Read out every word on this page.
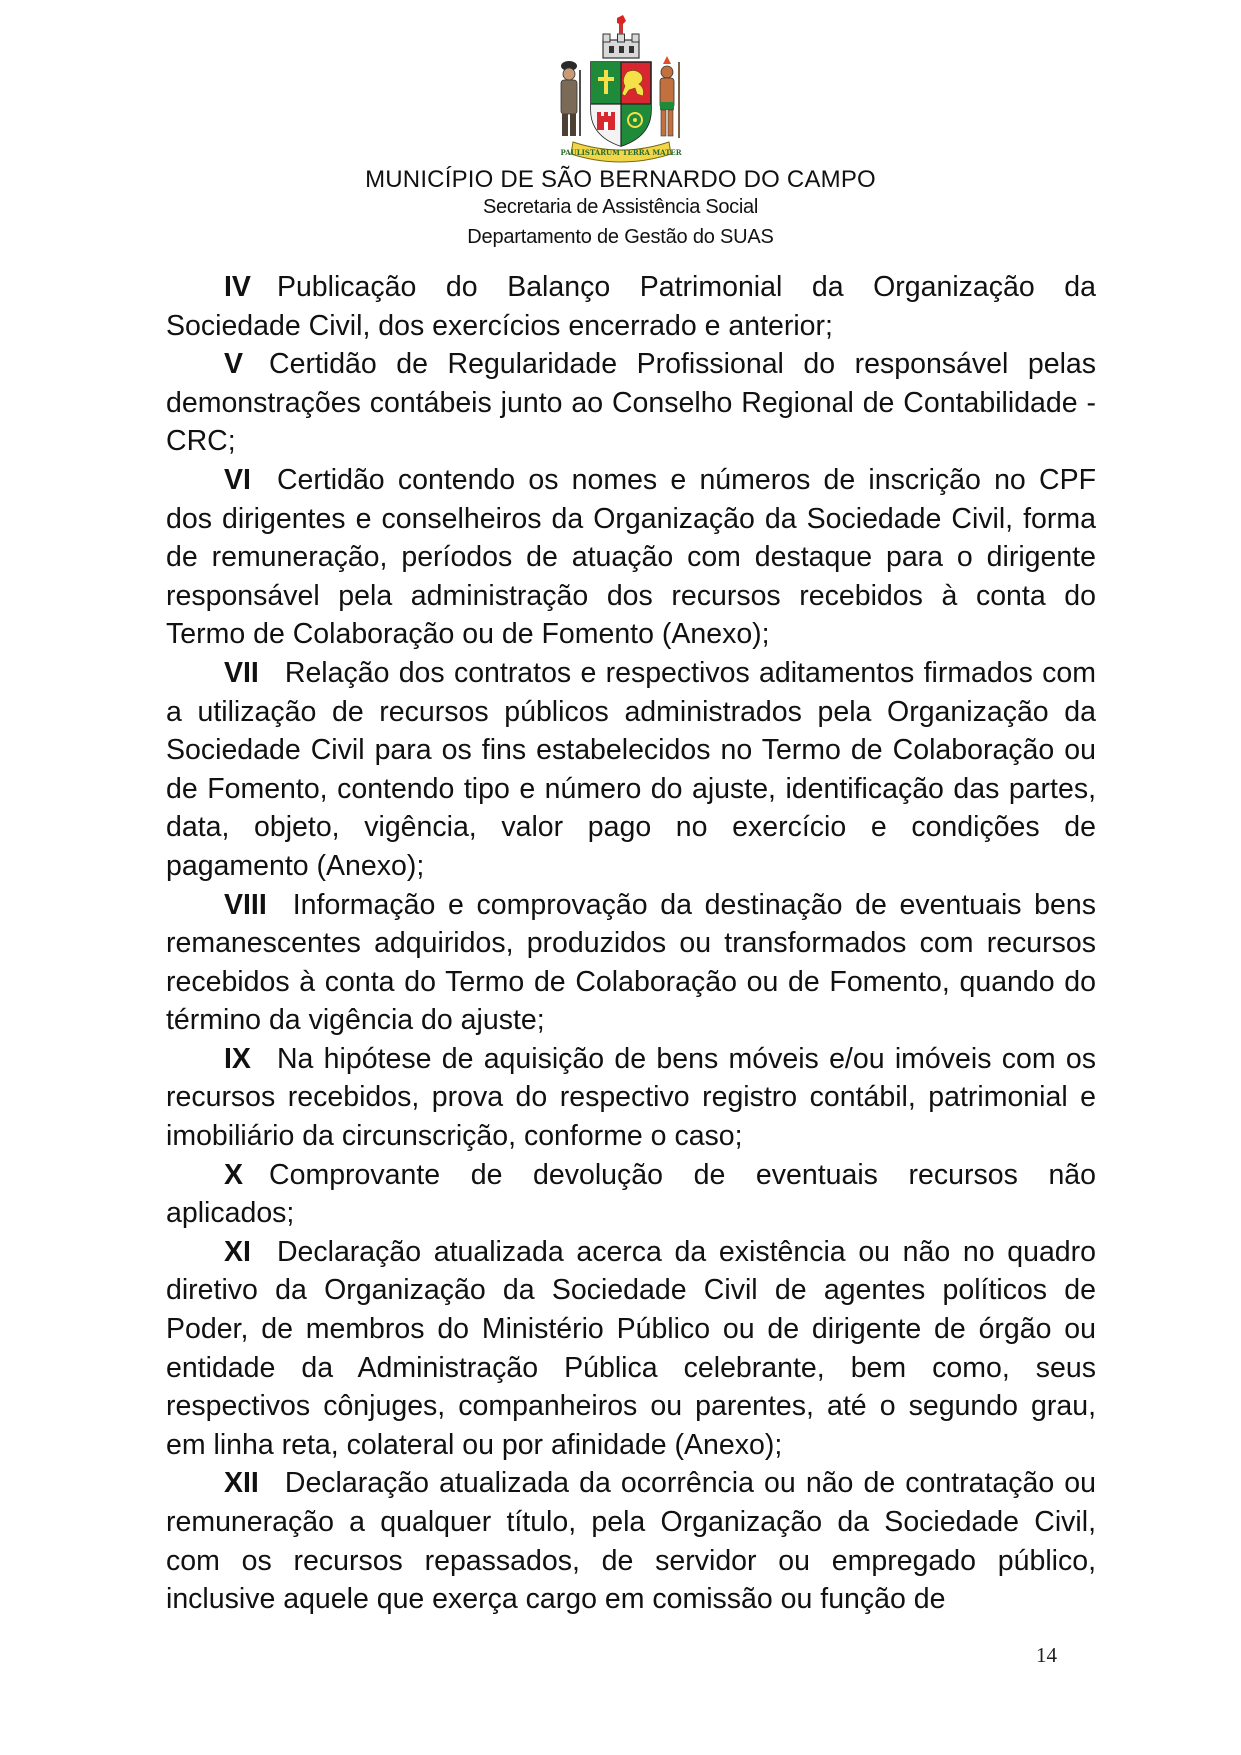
PAULISTARUM TERRA MATER
MUNICÍPIO DE SÃO BERNARDO DO CAMPO
Secretaria de Assistência Social
Departamento de Gestão do SUAS

IV Publicação do Balanço Patrimonial da Organização da Sociedade Civil, dos exercícios encerrado e anterior;

V Certidão de Regularidade Profissional do responsável pelas demonstrações contábeis junto ao Conselho Regional de Contabilidade - CRC;

VI Certidão contendo os nomes e números de inscrição no CPF dos dirigentes e conselheiros da Organização da Sociedade Civil, forma de remuneração, períodos de atuação com destaque para o dirigente responsável pela administração dos recursos recebidos à conta do Termo de Colaboração ou de Fomento (Anexo);

VII Relação dos contratos e respectivos aditamentos firmados com a utilização de recursos públicos administrados pela Organização da Sociedade Civil para os fins estabelecidos no Termo de Colaboração ou de Fomento, contendo tipo e número do ajuste, identificação das partes, data, objeto, vigência, valor pago no exercício e condições de pagamento (Anexo);

VIII Informação e comprovação da destinação de eventuais bens remanescentes adquiridos, produzidos ou transformados com recursos recebidos à conta do Termo de Colaboração ou de Fomento, quando do término da vigência do ajuste;

IX Na hipótese de aquisição de bens móveis e/ou imóveis com os recursos recebidos, prova do respectivo registro contábil, patrimonial e imobiliário da circunscrição, conforme o caso;

X Comprovante de devolução de eventuais recursos não aplicados;

XI Declaração atualizada acerca da existência ou não no quadro diretivo da Organização da Sociedade Civil de agentes políticos de Poder, de membros do Ministério Público ou de dirigente de órgão ou entidade da Administração Pública celebrante, bem como, seus respectivos cônjuges, companheiros ou parentes, até o segundo grau, em linha reta, colateral ou por afinidade (Anexo);

XII Declaração atualizada da ocorrência ou não de contratação ou remuneração a qualquer título, pela Organização da Sociedade Civil, com os recursos repassados, de servidor ou empregado público, inclusive aquele que exerça cargo em comissão ou função de

14
